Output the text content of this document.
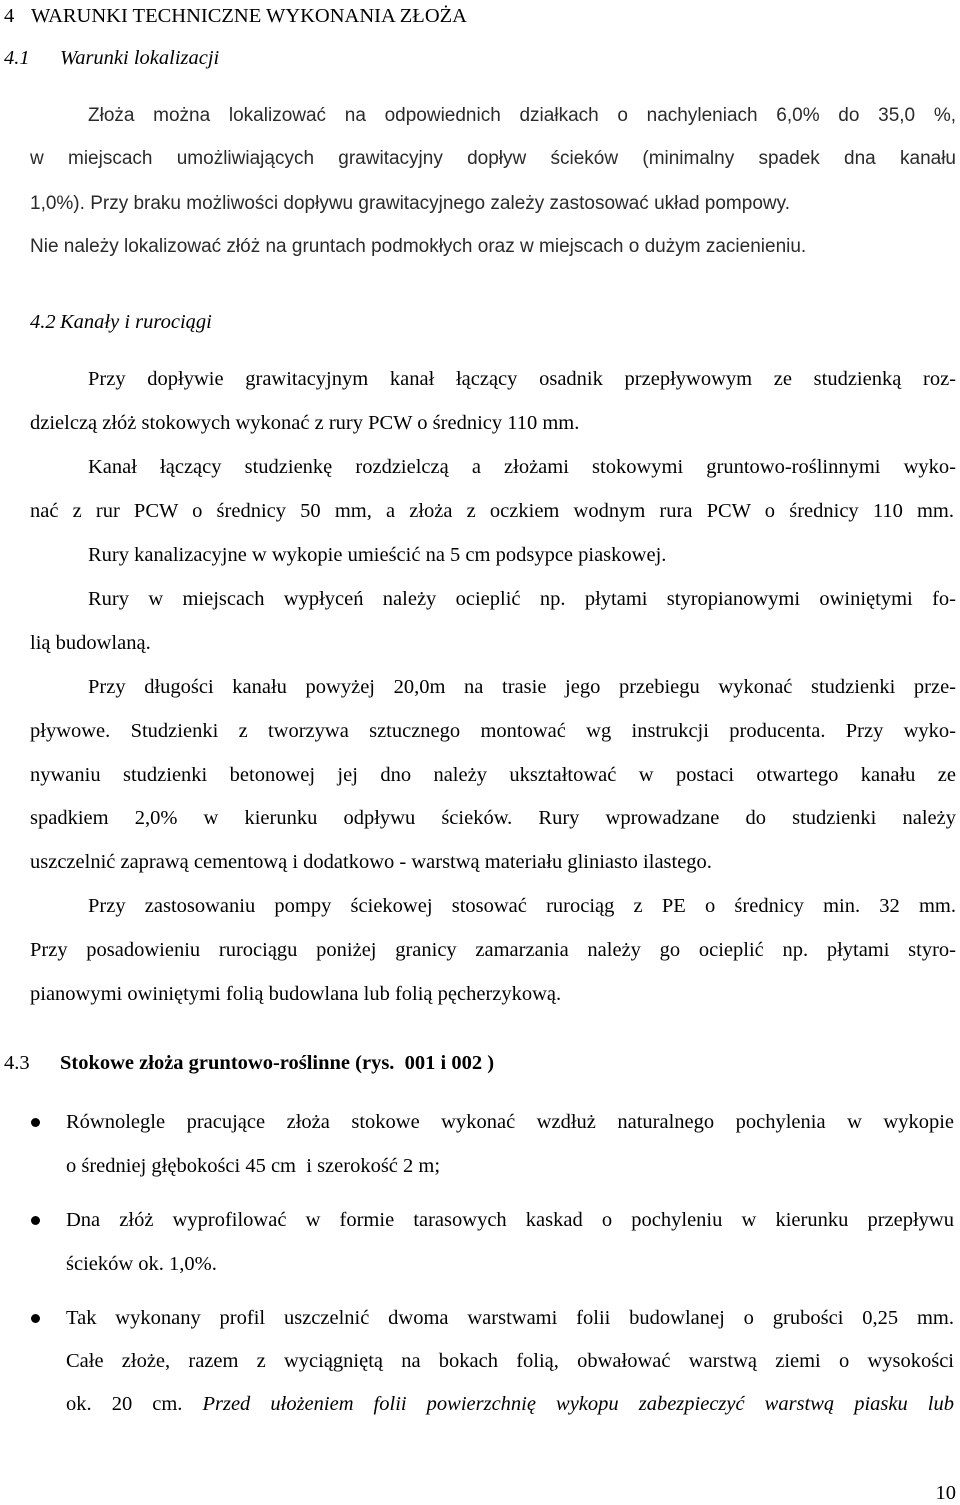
4 WARUNKI TECHNICZNE WYKONANIA ZŁOŻA
4.1 Warunki lokalizacji
Złoża można lokalizować na odpowiednich działkach o nachyleniach 6,0% do 35,0 %,
w miejscach umożliwiających grawitacyjny dopływ ścieków (minimalny spadek dna kanału
1,0%). Przy braku możliwości dopływu grawitacyjnego zależy zastosować układ pompowy.
Nie należy lokalizować złóż na gruntach podmokłych oraz w miejscach o dużym zacienieniu.
4.2 Kanały i rurociągi
Przy dopływie grawitacyjnym kanał łączący osadnik przepływowym ze studzienką roz-
dzielczą złóż stokowych wykonać z rury PCW o średnicy 110 mm.
Kanał łączący studzienkę rozdzielczą a złożami stokowymi gruntowo-roślinnymi wyko-
nać z rur PCW o średnicy 50 mm, a złoża z oczkiem wodnym rura PCW o średnicy 110 mm.
Rury kanalizacyjne w wykopie umieścić na 5 cm podsypce piaskowej.
Rury w miejscach wypłyceń należy ocieplić np. płytami styropianowymi owiniętymi fo-
lią budowlaną.
Przy długości kanału powyżej 20,0m na trasie jego przebiegu wykonać studzienki prze-
pływowe. Studzienki z tworzywa sztucznego montować wg instrukcji producenta. Przy wyko-
nywaniu studzienki betonowej jej dno należy ukształtować w postaci otwartego kanału ze
spadkiem 2,0% w kierunku odpływu ścieków. Rury wprowadzane do studzienki należy
uszczelnić zaprawą cementową i dodatkowo - warstwą materiału gliniasto ilastego.
Przy zastosowaniu pompy ściekowej stosować rurociąg z PE o średnicy min. 32 mm.
Przy posadowieniu rurociągu poniżej granicy zamarzania należy go ocieplić np. płytami styro-
pianowymi owiniętymi folią budowlana lub folią pęcherzykową.
4.3 Stokowe złoża gruntowo-roślinne (rys.  001 i 002 )
Równolegle pracujące złoża stokowe wykonać wzdłuż naturalnego pochylenia w wykopie
o średniej głębokości 45 cm  i szerokość 2 m;
Dna złóż wyprofilować w formie tarasowych kaskad o pochyleniu w kierunku przepływu
ścieków ok. 1,0%.
Tak wykonany profil uszczelnić dwoma warstwami folii budowlanej o grubości 0,25 mm.
Całe złoże, razem z wyciągniętą na bokach folią, obwałować warstwą ziemi o wysokości
ok. 20 cm. Przed ułożeniem folii powierzchnię wykopu zabezpieczyć warstwą piasku lub
10
